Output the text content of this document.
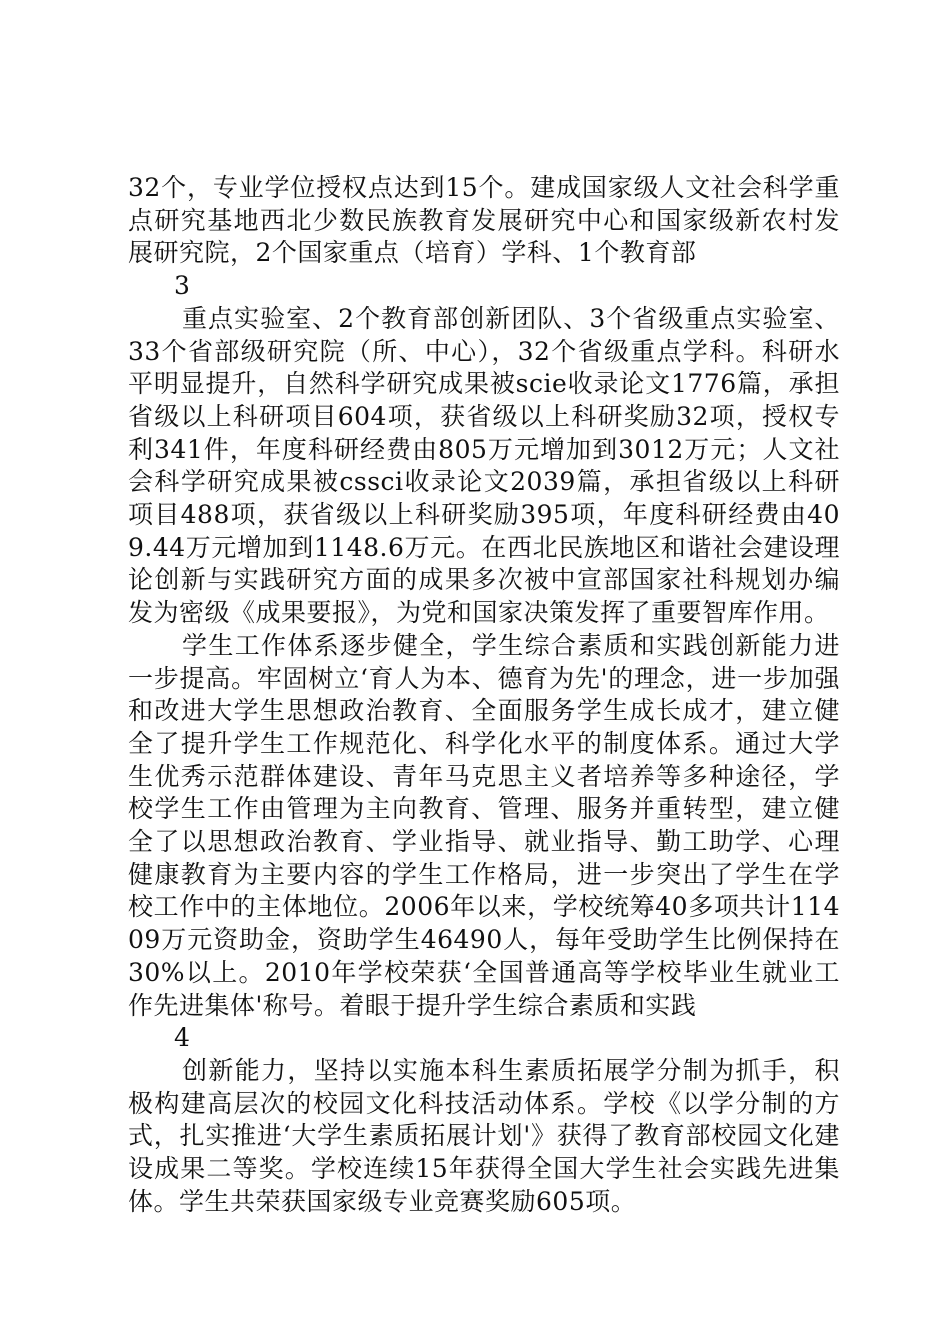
32个，专业学位授权点达到15个。建成国家级人文社会科学重点研究基地西北少数民族教育发展研究中心和国家级新农村发展研究院，2个国家重点（培育）学科、1个教育部

3

重点实验室、2个教育部创新团队、3个省级重点实验室、33个省部级研究院（所、中心），32个省级重点学科。科研水平明显提升，自然科学研究成果被scie收录论文1776篇，承担省级以上科研项目604项，获省级以上科研奖励32项，授权专利341件，年度科研经费由805万元增加到3012万元；人文社会科学研究成果被cssci收录论文2039篇，承担省级以上科研项目488项，获省级以上科研奖励395项，年度科研经费由409.44万元增加到1148.6万元。在西北民族地区和谐社会建设理论创新与实践研究方面的成果多次被中宣部国家社科规划办编发为密级《成果要报》，为党和国家决策发挥了重要智库作用。

学生工作体系逐步健全，学生综合素质和实践创新能力进一步提高。牢固树立‘育人为本、德育为先'的理念，进一步加强和改进大学生思想政治教育、全面服务学生成长成才，建立健全了提升学生工作规范化、科学化水平的制度体系。通过大学生优秀示范群体建设、青年马克思主义者培养等多种途径，学校学生工作由管理为主向教育、管理、服务并重转型，建立健全了以思想政治教育、学业指导、就业指导、勤工助学、心理健康教育为主要内容的学生工作格局，进一步突出了学生在学校工作中的主体地位。2006年以来，学校统筹40多项共计11409万元资助金，资助学生46490人，每年受助学生比例保持在30%以上。2010年学校荣获‘全国普通高等学校毕业生就业工作先进集体'称号。着眼于提升学生综合素质和实践

4

创新能力，坚持以实施本科生素质拓展学分制为抓手，积极构建高层次的校园文化科技活动体系。学校《以学分制的方式，扎实推进‘大学生素质拓展计划'》获得了教育部校园文化建设成果二等奖。学校连续15年获得全国大学生社会实践先进集体。学生共荣获国家级专业竞赛奖励605项。
